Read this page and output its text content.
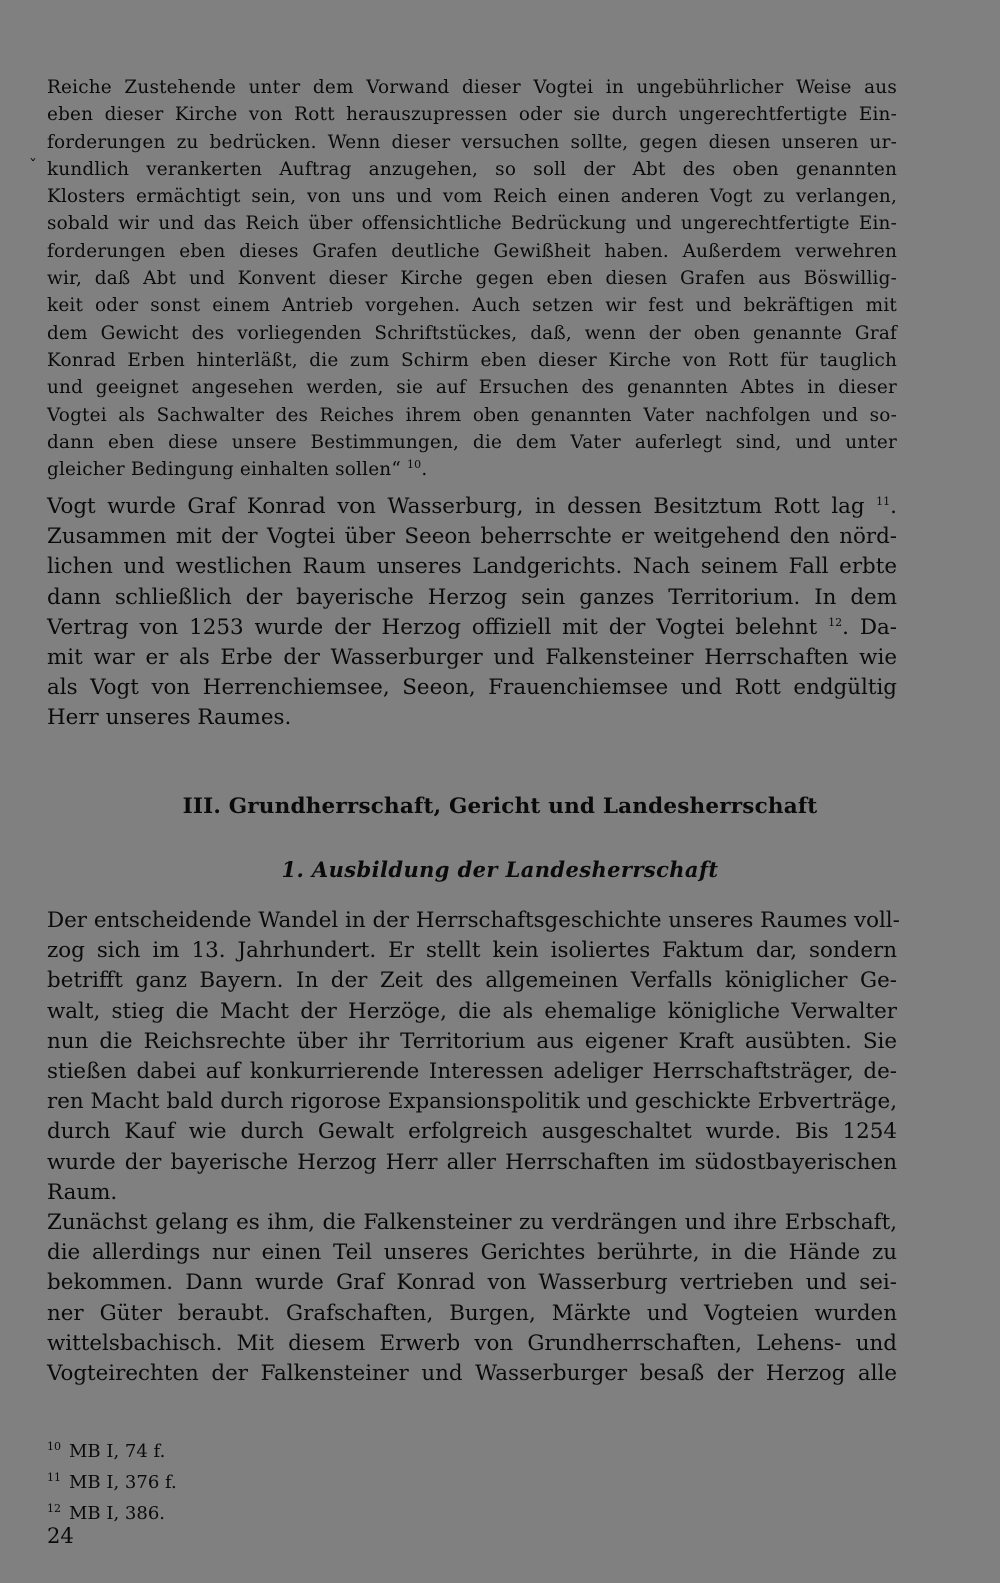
ˇ
Reiche Zustehende unter dem Vorwand dieser Vogtei in ungebührlicher Weise aus
eben dieser Kirche von Rott herauszupressen oder sie durch ungerechtfertigte Ein-
forderungen zu bedrücken. Wenn dieser versuchen sollte, gegen diesen unseren ur-
kundlich verankerten Auftrag anzugehen, so soll der Abt des oben genannten
Klosters ermächtigt sein, von uns und vom Reich einen anderen Vogt zu verlangen,
sobald wir und das Reich über offensichtliche Bedrückung und ungerechtfertigte Ein-
forderungen eben dieses Grafen deutliche Gewißheit haben. Außerdem verwehren
wir, daß Abt und Konvent dieser Kirche gegen eben diesen Grafen aus Böswillig-
keit oder sonst einem Antrieb vorgehen. Auch setzen wir fest und bekräftigen mit
dem Gewicht des vorliegenden Schriftstückes, daß, wenn der oben genannte Graf
Konrad Erben hinterläßt, die zum Schirm eben dieser Kirche von Rott für tauglich
und geeignet angesehen werden, sie auf Ersuchen des genannten Abtes in dieser
Vogtei als Sachwalter des Reiches ihrem oben genannten Vater nachfolgen und so-
dann eben diese unsere Bestimmungen, die dem Vater auferlegt sind, und unter
gleicher Bedingung einhalten sollen“ $^{10}$.
Vogt wurde Graf Konrad von Wasserburg, in dessen Besitztum Rott lag $^{11}$.
Zusammen mit der Vogtei über Seeon beherrschte er weitgehend den nörd-
lichen und westlichen Raum unseres Landgerichts. Nach seinem Fall erbte
dann schließlich der bayerische Herzog sein ganzes Territorium. In dem
Vertrag von 1253 wurde der Herzog offiziell mit der Vogtei belehnt $^{12}$. Da-
mit war er als Erbe der Wasserburger und Falkensteiner Herrschaften wie
als Vogt von Herrenchiemsee, Seeon, Frauenchiemsee und Rott endgültig
Herr unseres Raumes.
III. Grundherrschaft, Gericht und Landesherrschaft
1. Ausbildung der Landesherrschaft
Der entscheidende Wandel in der Herrschaftsgeschichte unseres Raumes voll-
zog sich im 13. Jahrhundert. Er stellt kein isoliertes Faktum dar, sondern
betrifft ganz Bayern. In der Zeit des allgemeinen Verfalls königlicher Ge-
walt, stieg die Macht der Herzöge, die als ehemalige königliche Verwalter
nun die Reichsrechte über ihr Territorium aus eigener Kraft ausübten. Sie
stießen dabei auf konkurrierende Interessen adeliger Herrschaftsträger, de-
ren Macht bald durch rigorose Expansionspolitik und geschickte Erbverträge,
durch Kauf wie durch Gewalt erfolgreich ausgeschaltet wurde. Bis 1254
wurde der bayerische Herzog Herr aller Herrschaften im südostbayerischen
Raum.
Zunächst gelang es ihm, die Falkensteiner zu verdrängen und ihre Erbschaft,
die allerdings nur einen Teil unseres Gerichtes berührte, in die Hände zu
bekommen. Dann wurde Graf Konrad von Wasserburg vertrieben und sei-
ner Güter beraubt. Grafschaften, Burgen, Märkte und Vogteien wurden
wittelsbachisch. Mit diesem Erwerb von Grundherrschaften, Lehens- und
Vogteirechten der Falkensteiner und Wasserburger besaß der Herzog alle
$^{10}$ MB I, 74 f.
$^{11}$ MB I, 376 f.
$^{12}$ MB I, 386.
24
